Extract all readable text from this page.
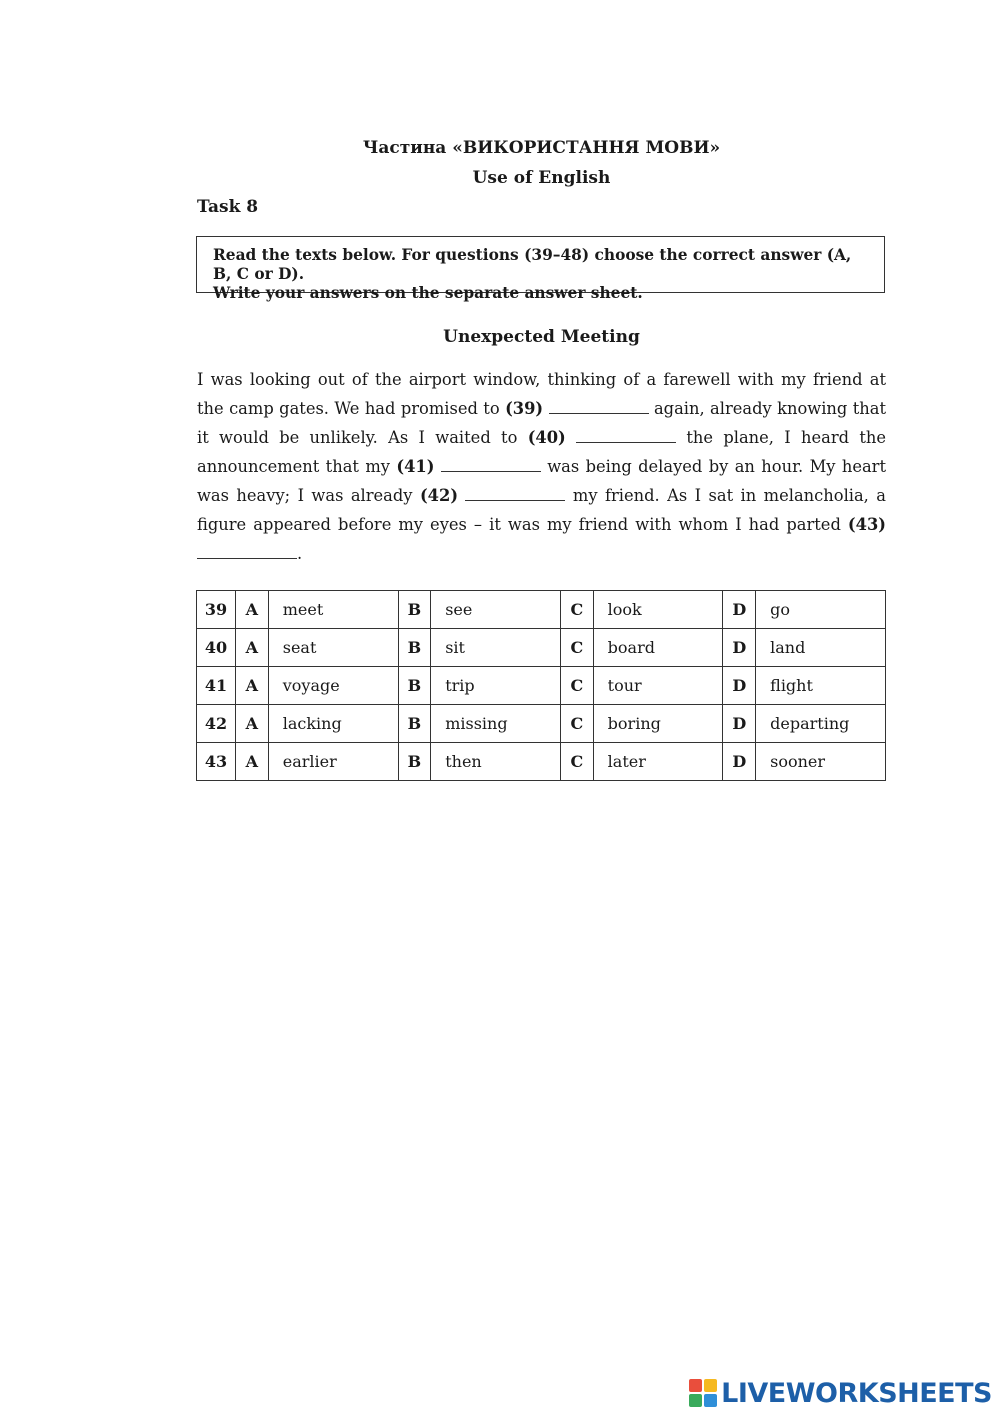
Частина «ВИКОРИСТАННЯ МОВИ»
Use of English
Task 8
Read the texts below. For questions (39–48) choose the correct answer (A, B, C or D).
Write your answers on the separate answer sheet.
Unexpected Meeting
I was looking out of the airport window, thinking of a farewell with my friend at the camp gates. We had promised to (39)	again, already knowing that it would be unlikely. As I waited to (40)	the plane, I heard the announcement that my (41)	was being delayed by an hour. My heart was heavy; I was already (42)	my friend. As I sat in melancholia, a figure appeared before my eyes – it was my friend with whom I had parted (43) .
39	A	meet	B	see	C	look	D	go
40	A	seat	B	sit	C	board	D	land
41	A	voyage	B	trip	C	tour	D	flight
42	A	lacking	B	missing	C	boring	D	departing
43	A	earlier	B	then	C	later	D	sooner
LIVEWORKSHEETS
